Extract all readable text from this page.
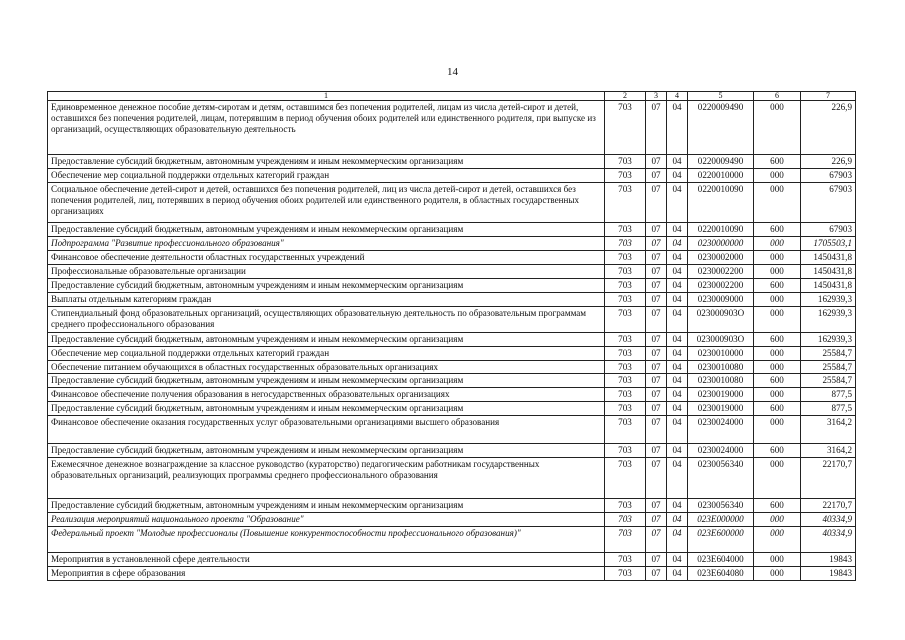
14
1	2	3	4	5	6	7
Единовременное денежное пособие детям-сиротам и детям, оставшимся без попечения родителей, лицам из числа детей-сирот и детей, оставшихся без попечения родителей, лицам, потерявшим в период обучения обоих родителей или единственного родителя, при выпуске из организаций, осуществляющих образовательную деятельность	703	07	04	0220009490	000	226,9
Предоставление субсидий бюджетным, автономным учреждениям и иным некоммерческим организациям	703	07	04	0220009490	600	226,9
Обеспечение мер социальной поддержки отдельных категорий граждан	703	07	04	0220010000	000	67903
Социальное обеспечение детей-сирот и детей, оставшихся без попечения родителей, лиц из числа детей-сирот и детей, оставшихся без попечения родителей, лиц, потерявших в период обучения обоих родителей или единственного родителя, в областных государственных организациях	703	07	04	0220010090	000	67903
Предоставление субсидий бюджетным, автономным учреждениям и иным некоммерческим организациям	703	07	04	0220010090	600	67903
Подпрограмма "Развитие профессионального образования"	703	07	04	0230000000	000	1705503,1
Финансовое обеспечение деятельности областных государственных учреждений	703	07	04	0230002000	000	1450431,8
Профессиональные образовательные организации	703	07	04	0230002200	000	1450431,8
Предоставление субсидий бюджетным, автономным учреждениям и иным некоммерческим организациям	703	07	04	0230002200	600	1450431,8
Выплаты отдельным категориям граждан	703	07	04	0230009000	000	162939,3
Стипендиальный фонд образовательных организаций, осуществляющих образовательную деятельность по образовательным программам среднего профессионального образования	703	07	04	023000903О	000	162939,3
Предоставление субсидий бюджетным, автономным учреждениям и иным некоммерческим организациям	703	07	04	023000903О	600	162939,3
Обеспечение мер социальной поддержки отдельных категорий граждан	703	07	04	0230010000	000	25584,7
Обеспечение питанием обучающихся в областных государственных образовательных организациях	703	07	04	0230010080	000	25584,7
Предоставление субсидий бюджетным, автономным учреждениям и иным некоммерческим организациям	703	07	04	0230010080	600	25584,7
Финансовое обеспечение получения образования в негосударственных образовательных организациях	703	07	04	0230019000	000	877,5
Предоставление субсидий бюджетным, автономным учреждениям и иным некоммерческим организациям	703	07	04	0230019000	600	877,5
Финансовое обеспечение оказания государственных услуг образовательными организациями высшего образования	703	07	04	0230024000	000	3164,2
Предоставление субсидий бюджетным, автономным учреждениям и иным некоммерческим организациям	703	07	04	0230024000	600	3164,2
Ежемесячное денежное вознаграждение за классное руководство (кураторство) педагогическим работникам государственных образовательных организаций, реализующих программы среднего профессионального образования	703	07	04	0230056340	000	22170,7
Предоставление субсидий бюджетным, автономным учреждениям и иным некоммерческим организациям	703	07	04	0230056340	600	22170,7
Реализация мероприятий национального проекта "Образование"	703	07	04	023Е000000	000	40334,9
Федеральный проект "Молодые профессионалы (Повышение конкурентоспособности профессионального образования)"	703	07	04	023Е600000	000	40334,9
Мероприятия в установленной сфере деятельности	703	07	04	023Е604000	000	19843
Мероприятия в сфере образования	703	07	04	023Е604080	000	19843
